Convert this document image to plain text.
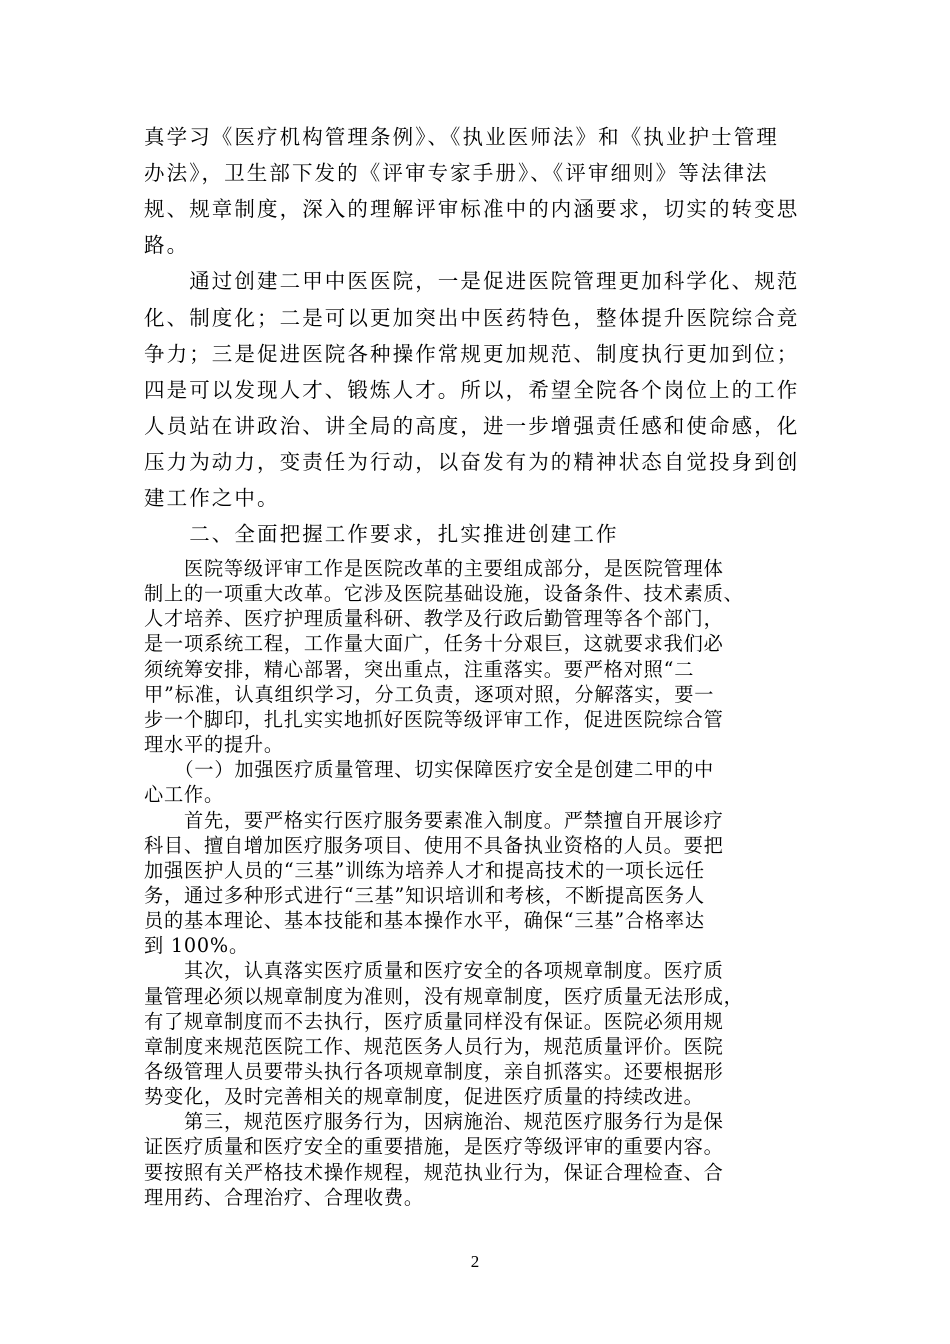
真学习《医疗机构管理条例》、《执业医师法》和《执业护士管理
办法》，卫生部下发的《评审专家手册》、《评审细则》等法律法
规、规章制度，深入的理解评审标准中的内涵要求，切实的转变思
路。
　　通过创建二甲中医医院，一是促进医院管理更加科学化、规范
化、制度化；二是可以更加突出中医药特色，整体提升医院综合竞
争力；三是促进医院各种操作常规更加规范、制度执行更加到位；
四是可以发现人才、锻炼人才。所以，希望全院各个岗位上的工作
人员站在讲政治、讲全局的高度，进一步增强责任感和使命感，化
压力为动力，变责任为行动，以奋发有为的精神状态自觉投身到创
建工作之中。
　　二、全面把握工作要求，扎实推进创建工作
　　医院等级评审工作是医院改革的主要组成部分，是医院管理体
制上的一项重大改革。它涉及医院基础设施，设备条件、技术素质、
人才培养、医疗护理质量科研、教学及行政后勤管理等各个部门，
是一项系统工程，工作量大面广，任务十分艰巨，这就要求我们必
须统筹安排，精心部署，突出重点，注重落实。要严格对照“二
甲”标准，认真组织学习，分工负责，逐项对照，分解落实，要一
步一个脚印，扎扎实实地抓好医院等级评审工作，促进医院综合管
理水平的提升。
　　（一）加强医疗质量管理、切实保障医疗安全是创建二甲的中
心工作。
　　首先，要严格实行医疗服务要素准入制度。严禁擅自开展诊疗
科目、擅自增加医疗服务项目、使用不具备执业资格的人员。要把
加强医护人员的“三基”训练为培养人才和提高技术的一项长远任
务，通过多种形式进行“三基”知识培训和考核，不断提高医务人
员的基本理论、基本技能和基本操作水平，确保“三基”合格率达
到 100%。
　　其次，认真落实医疗质量和医疗安全的各项规章制度。医疗质
量管理必须以规章制度为准则，没有规章制度，医疗质量无法形成，
有了规章制度而不去执行，医疗质量同样没有保证。医院必须用规
章制度来规范医院工作、规范医务人员行为，规范质量评价。医院
各级管理人员要带头执行各项规章制度，亲自抓落实。还要根据形
势变化，及时完善相关的规章制度，促进医疗质量的持续改进。
　　第三，规范医疗服务行为，因病施治、规范医疗服务行为是保
证医疗质量和医疗安全的重要措施，是医疗等级评审的重要内容。
要按照有关严格技术操作规程，规范执业行为，保证合理检查、合
理用药、合理治疗、合理收费。
2
